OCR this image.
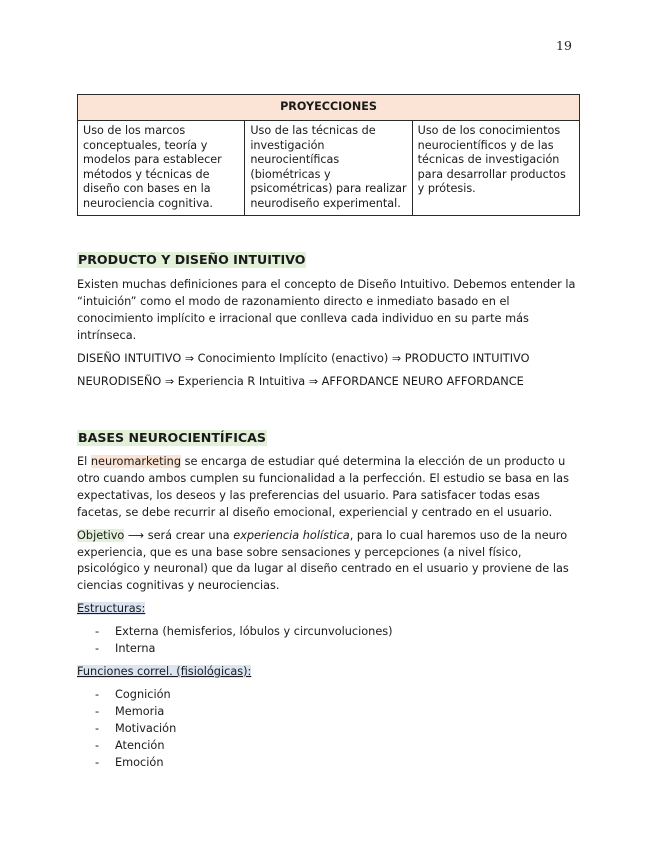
19
PROYECCIONES
Uso de los marcos conceptuales, teoría y modelos para establecer métodos y técnicas de diseño con bases en la neurociencia cognitiva.	Uso de las técnicas de investigación neurocientíficas (biométricas y psicométricas) para realizar neurodiseño experimental.	Uso de los conocimientos neurocientíficos y de las técnicas de investigación para desarrollar productos y prótesis.
PRODUCTO Y DISEÑO INTUITIVO

Existen muchas definiciones para el concepto de Diseño Intuitivo. Debemos entender la “intuición” como el modo de razonamiento directo e inmediato basado en el conocimiento implícito e irracional que conlleva cada individuo en su parte más intrínseca.

DISEÑO INTUITIVO ⇒ Conocimiento Implícito (enactivo) ⇒ PRODUCTO INTUITIVO

NEURODISEÑO ⇒ Experiencia R Intuitiva ⇒ AFFORDANCE NEURO AFFORDANCE

BASES NEUROCIENTÍFICAS

El neuromarketing se encarga de estudiar qué determina la elección de un producto u otro cuando ambos cumplen su funcionalidad a la perfección. El estudio se basa en las expectativas, los deseos y las preferencias del usuario. Para satisfacer todas esas facetas, se debe recurrir al diseño emocional, experiencial y centrado en el usuario.

Objetivo ⟶ será crear una experiencia holística, para lo cual haremos uso de la neuro experiencia, que es una base sobre sensaciones y percepciones (a nivel físico, psicológico y neuronal) que da lugar al diseño centrado en el usuario y proviene de las ciencias cognitivas y neurociencias.

Estructuras:

- Externa (hemisferios, lóbulos y circunvoluciones)
- Interna

Funciones correl. (fisiológicas):

- Cognición
- Memoria
- Motivación
- Atención
- Emoción
